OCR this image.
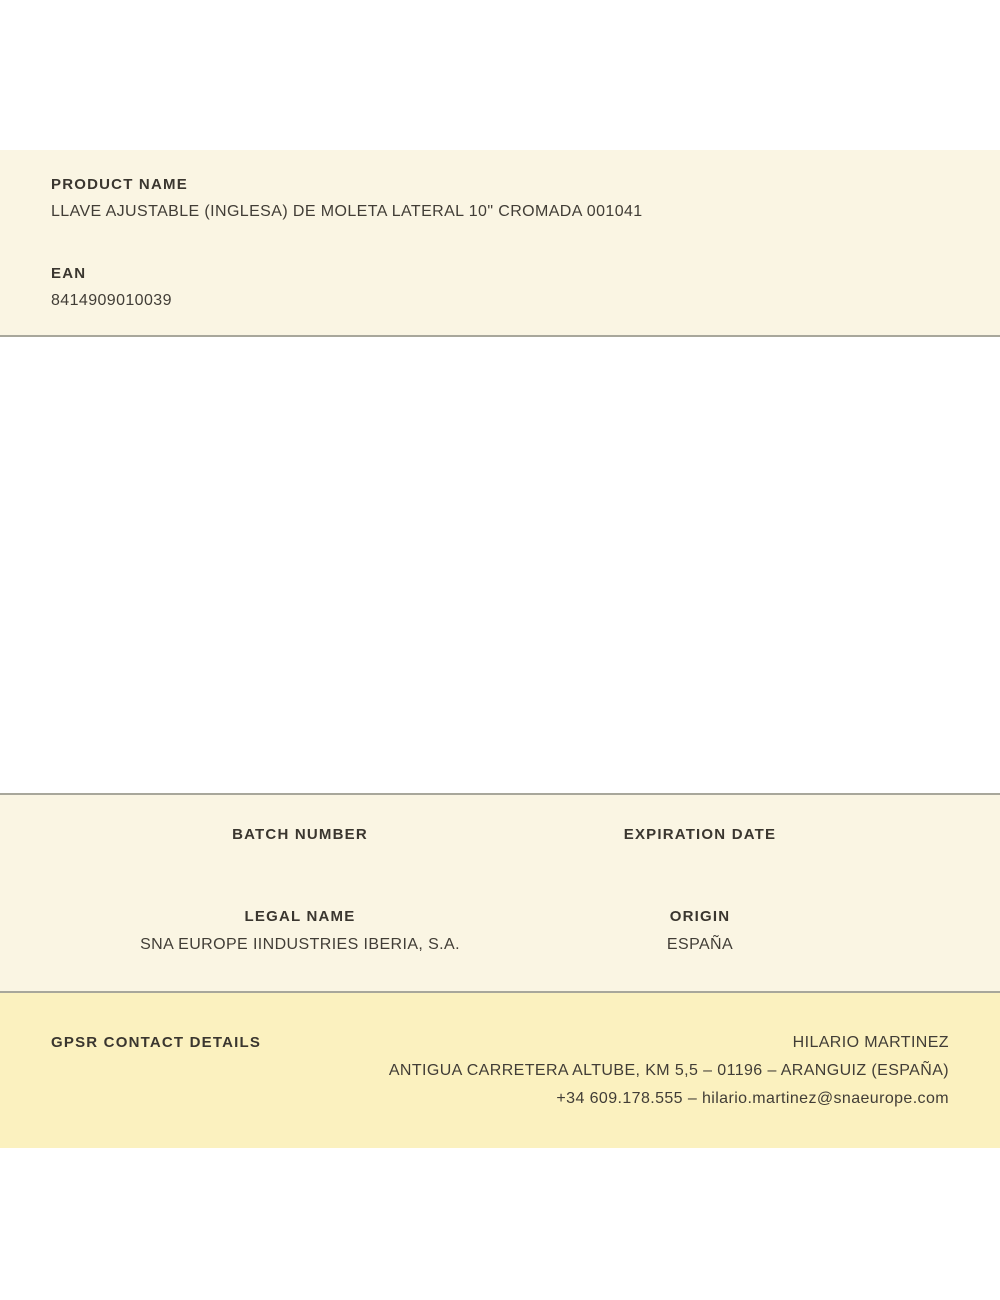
PRODUCT NAME
LLAVE AJUSTABLE (INGLESA) DE MOLETA LATERAL 10" CROMADA 001041
EAN
8414909010039
BATCH NUMBER	EXPIRATION DATE
LEGAL NAME
SNA EUROPE IINDUSTRIES IBERIA, S.A.
ORIGIN
ESPAÑA
GPSR CONTACT DETAILS	HILARIO MARTINEZ
ANTIGUA CARRETERA ALTUBE, KM 5,5 – 01196 – ARANGUIZ (ESPAÑA)
+34 609.178.555 – hilario.martinez@snaeurope.com
